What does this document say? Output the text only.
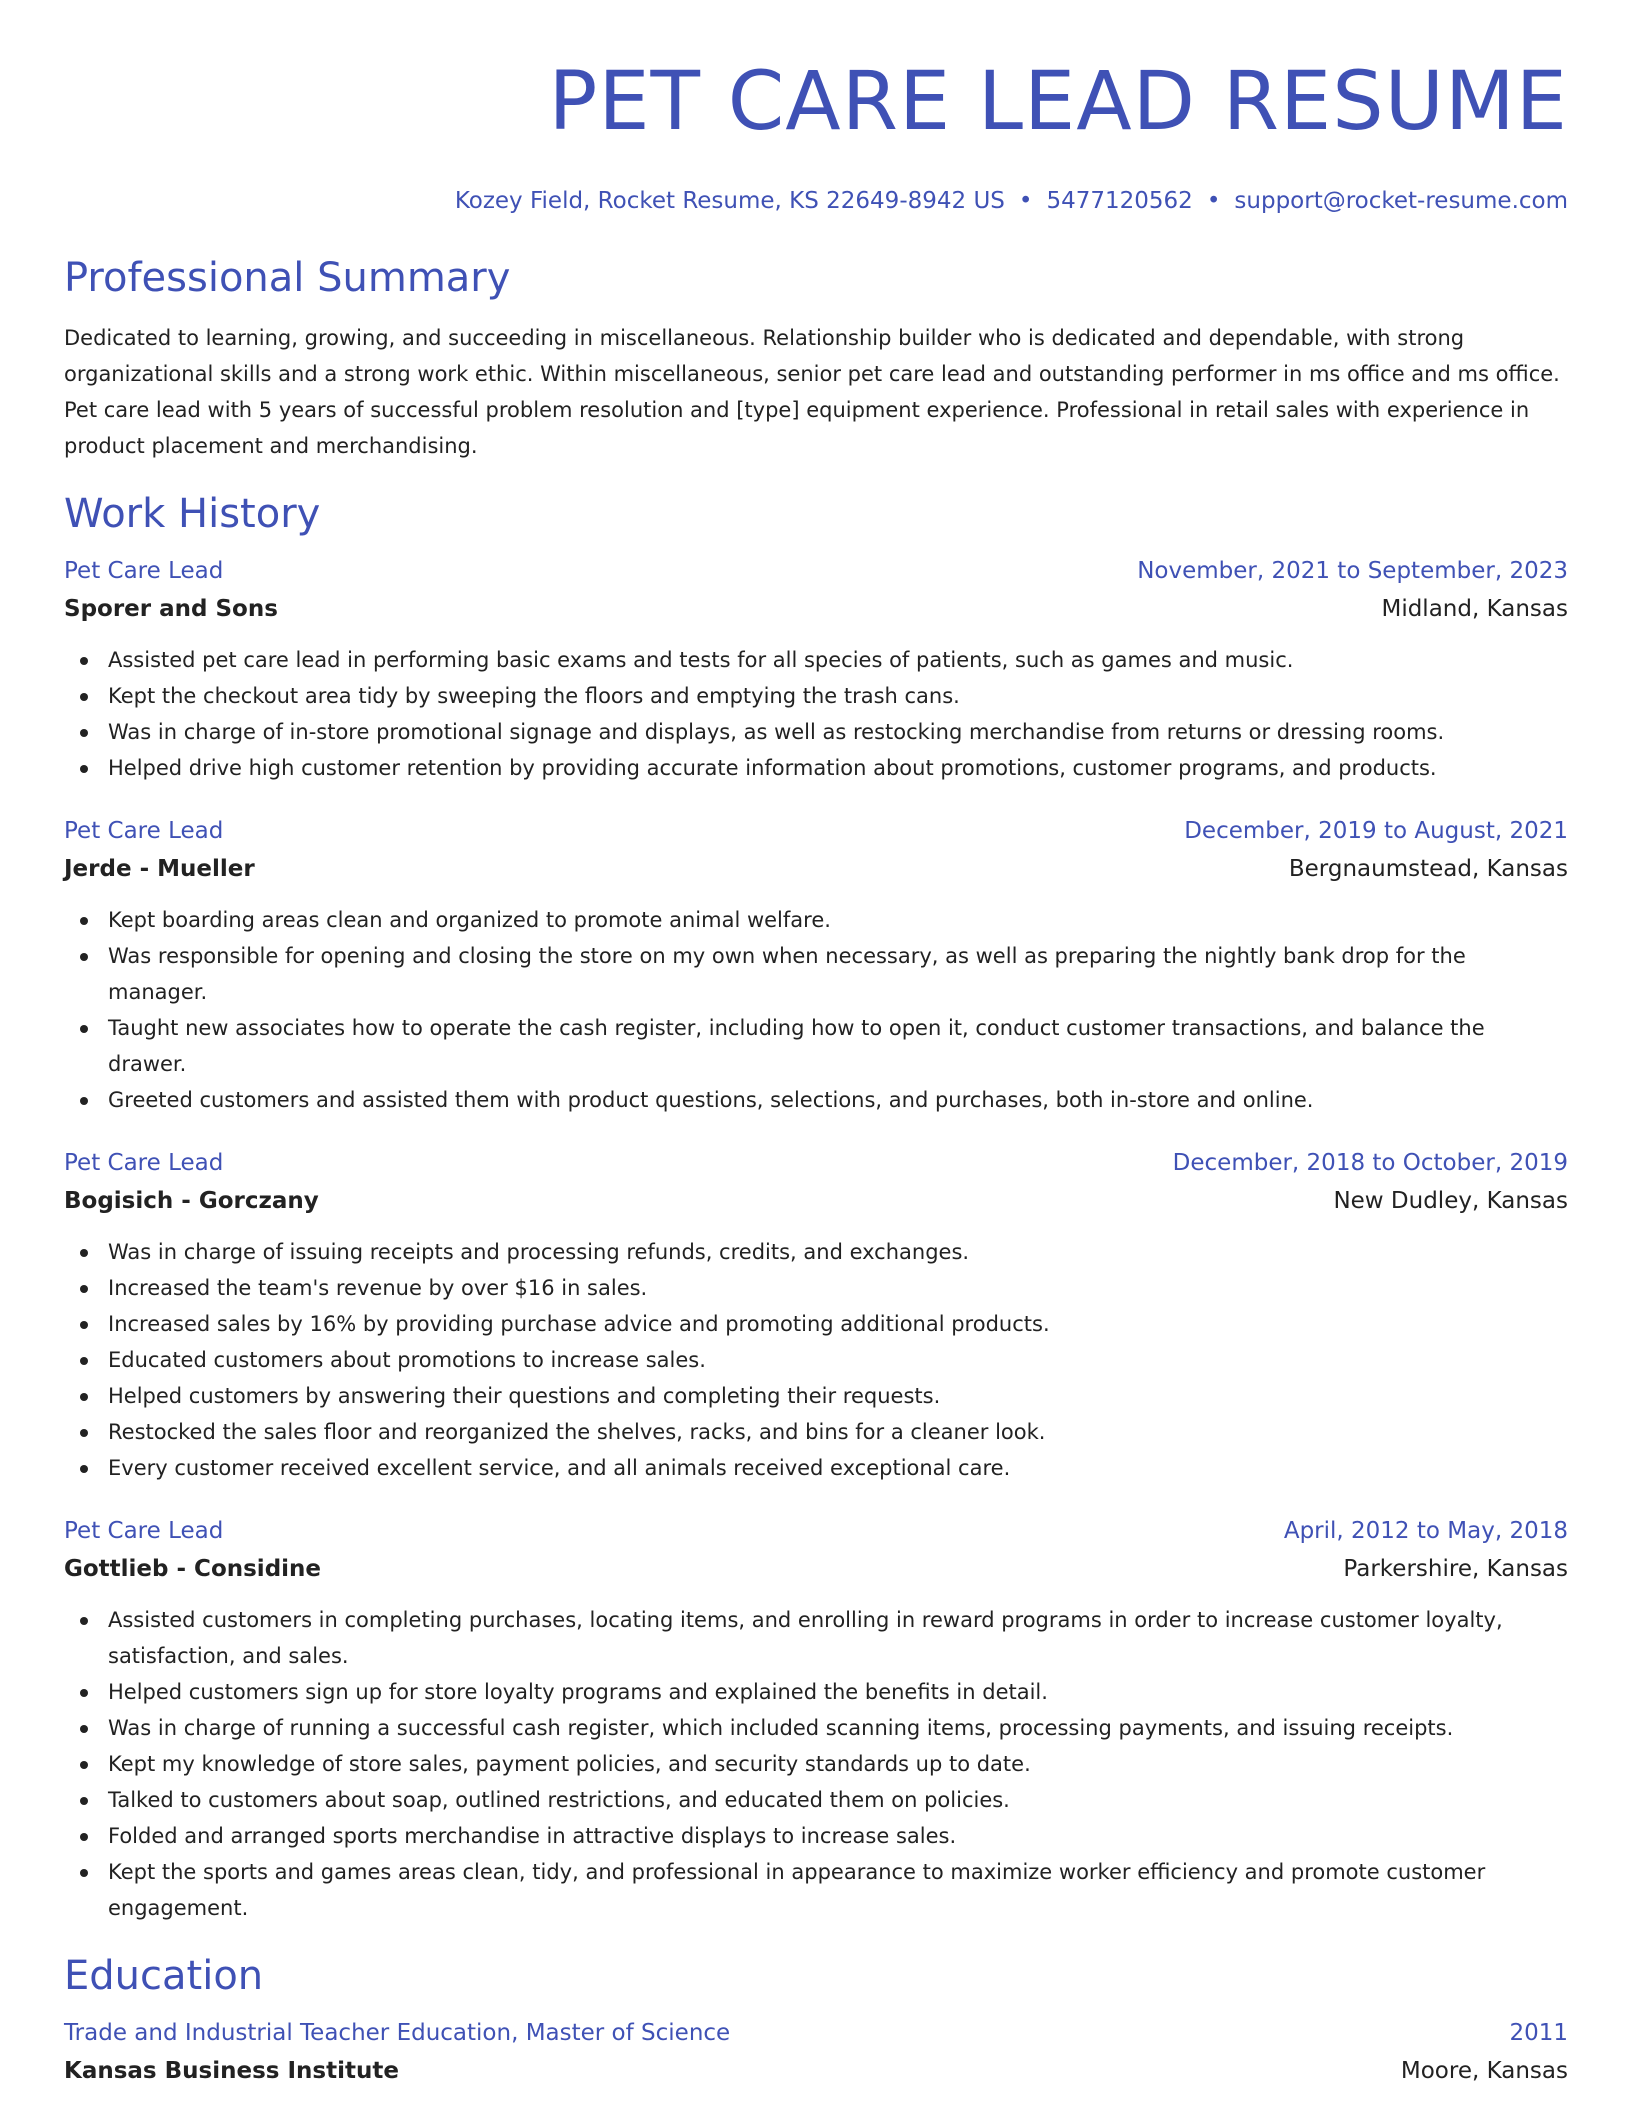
PET CARE LEAD RESUME
Kozey Field, Rocket Resume, KS 22649-8942 US • 5477120562 • support@rocket-resume.com
Professional Summary
Dedicated to learning, growing, and succeeding in miscellaneous. Relationship builder who is dedicated and dependable, with strong organizational skills and a strong work ethic. Within miscellaneous, senior pet care lead and outstanding performer in ms office and ms office. Pet care lead with 5 years of successful problem resolution and [type] equipment experience. Professional in retail sales with experience in product placement and merchandising.
Work History
Pet Care Lead	November, 2021 to September, 2023
Sporer and Sons	Midland, Kansas
Assisted pet care lead in performing basic exams and tests for all species of patients, such as games and music.
Kept the checkout area tidy by sweeping the floors and emptying the trash cans.
Was in charge of in-store promotional signage and displays, as well as restocking merchandise from returns or dressing rooms.
Helped drive high customer retention by providing accurate information about promotions, customer programs, and products.
Pet Care Lead	December, 2019 to August, 2021
Jerde - Mueller	Bergnaumstead, Kansas
Kept boarding areas clean and organized to promote animal welfare.
Was responsible for opening and closing the store on my own when necessary, as well as preparing the nightly bank drop for the manager.
Taught new associates how to operate the cash register, including how to open it, conduct customer transactions, and balance the drawer.
Greeted customers and assisted them with product questions, selections, and purchases, both in-store and online.
Pet Care Lead	December, 2018 to October, 2019
Bogisich - Gorczany	New Dudley, Kansas
Was in charge of issuing receipts and processing refunds, credits, and exchanges.
Increased the team's revenue by over $16 in sales.
Increased sales by 16% by providing purchase advice and promoting additional products.
Educated customers about promotions to increase sales.
Helped customers by answering their questions and completing their requests.
Restocked the sales floor and reorganized the shelves, racks, and bins for a cleaner look.
Every customer received excellent service, and all animals received exceptional care.
Pet Care Lead	April, 2012 to May, 2018
Gottlieb - Considine	Parkershire, Kansas
Assisted customers in completing purchases, locating items, and enrolling in reward programs in order to increase customer loyalty, satisfaction, and sales.
Helped customers sign up for store loyalty programs and explained the benefits in detail.
Was in charge of running a successful cash register, which included scanning items, processing payments, and issuing receipts.
Kept my knowledge of store sales, payment policies, and security standards up to date.
Talked to customers about soap, outlined restrictions, and educated them on policies.
Folded and arranged sports merchandise in attractive displays to increase sales.
Kept the sports and games areas clean, tidy, and professional in appearance to maximize worker efficiency and promote customer engagement.
Education
Trade and Industrial Teacher Education, Master of Science	2011
Kansas Business Institute	Moore, Kansas
